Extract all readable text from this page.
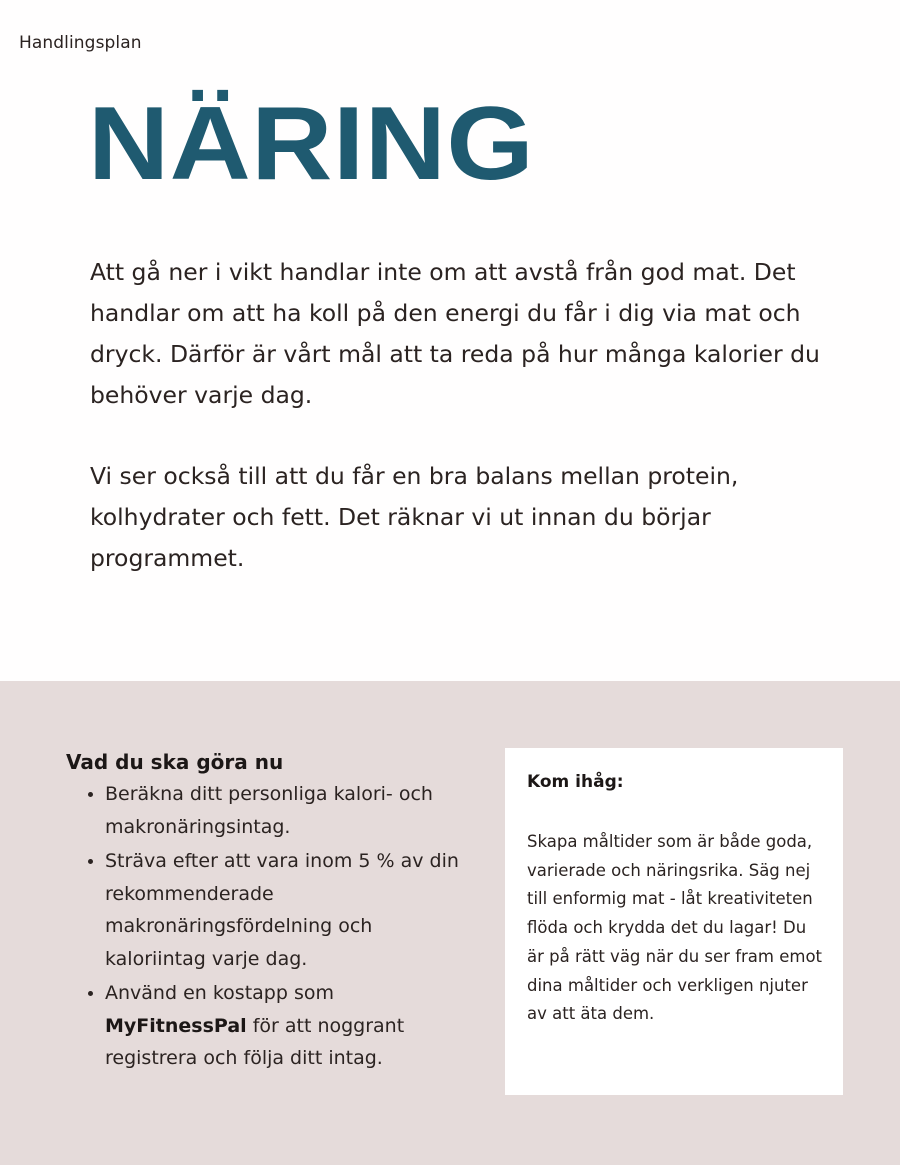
Handlingsplan
NÄRING

Att gå ner i vikt handlar inte om att avstå från god mat. Det handlar om att ha koll på den energi du får i dig via mat och dryck. Därför är vårt mål att ta reda på hur många kalorier du behöver varje dag.

Vi ser också till att du får en bra balans mellan protein, kolhydrater och fett. Det räknar vi ut innan du börjar programmet.

Vad du ska göra nu
• Beräkna ditt personliga kalori- och makronäringsintag.
• Sträva efter att vara inom 5 % av din rekommenderade makronäringsfördelning och kaloriintag varje dag.
• Använd en kostapp som MyFitnessPal för att noggrant registrera och följa ditt intag.
Kom ihåg:

Skapa måltider som är både goda, varierade och näringsrika. Säg nej till enformig mat - låt kreativiteten flöda och krydda det du lagar! Du är på rätt väg när du ser fram emot dina måltider och verkligen njuter av att äta dem.
